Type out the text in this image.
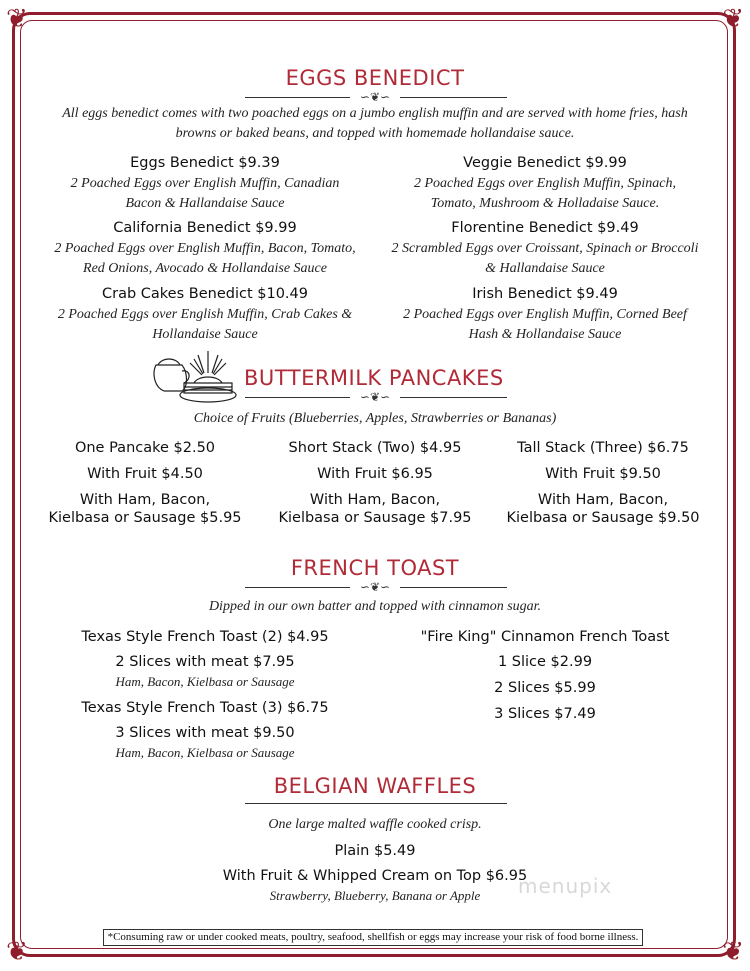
❦	❦
❦	❦
EGGS BENEDICT
∽❦∽
All eggs benedict comes with two poached eggs on a jumbo english muffin and are served with home fries, hash browns or baked beans, and topped with homemade hollandaise sauce.
Eggs Benedict $9.39
2 Poached Eggs over English Muffin, Canadian Bacon & Hallandaise Sauce
Veggie Benedict $9.99
2 Poached Eggs over English Muffin, Spinach, Tomato, Mushroom & Holladaise Sauce.
California Benedict $9.99
2 Poached Eggs over English Muffin, Bacon, Tomato, Red Onions, Avocado & Hollandaise Sauce
Florentine Benedict $9.49
2 Scrambled Eggs over Croissant, Spinach or Broccoli & Hallandaise Sauce
Crab Cakes Benedict $10.49
2 Poached Eggs over English Muffin, Crab Cakes & Hollandaise Sauce
Irish Benedict $9.49
2 Poached Eggs over English Muffin, Corned Beef Hash & Hollandaise Sauce
BUTTERMILK PANCAKES
∽❦∽
Choice of Fruits (Blueberries, Apples, Strawberries or Bananas)
One Pancake $2.50
With Fruit $4.50
With Ham, Bacon,
Kielbasa or Sausage $5.95
Short Stack (Two) $4.95
With Fruit $6.95
With Ham, Bacon,
Kielbasa or Sausage $7.95
Tall Stack (Three) $6.75
With Fruit $9.50
With Ham, Bacon,
Kielbasa or Sausage $9.50
FRENCH TOAST
∽❦∽
Dipped in our own batter and topped with cinnamon sugar.
Texas Style French Toast (2) $4.95
2 Slices with meat $7.95
Ham, Bacon, Kielbasa or Sausage
Texas Style French Toast (3) $6.75
3 Slices with meat $9.50
Ham, Bacon, Kielbasa or Sausage
"Fire King" Cinnamon French Toast
1 Slice $2.99
2 Slices $5.99
3 Slices $7.49
BELGIAN WAFFLES
One large malted waffle cooked crisp.
Plain $5.49
menupix
With Fruit & Whipped Cream on Top $6.95
Strawberry, Blueberry, Banana or Apple
*Consuming raw or under cooked meats, poultry, seafood, shellfish or eggs may increase your risk of food borne illness.
